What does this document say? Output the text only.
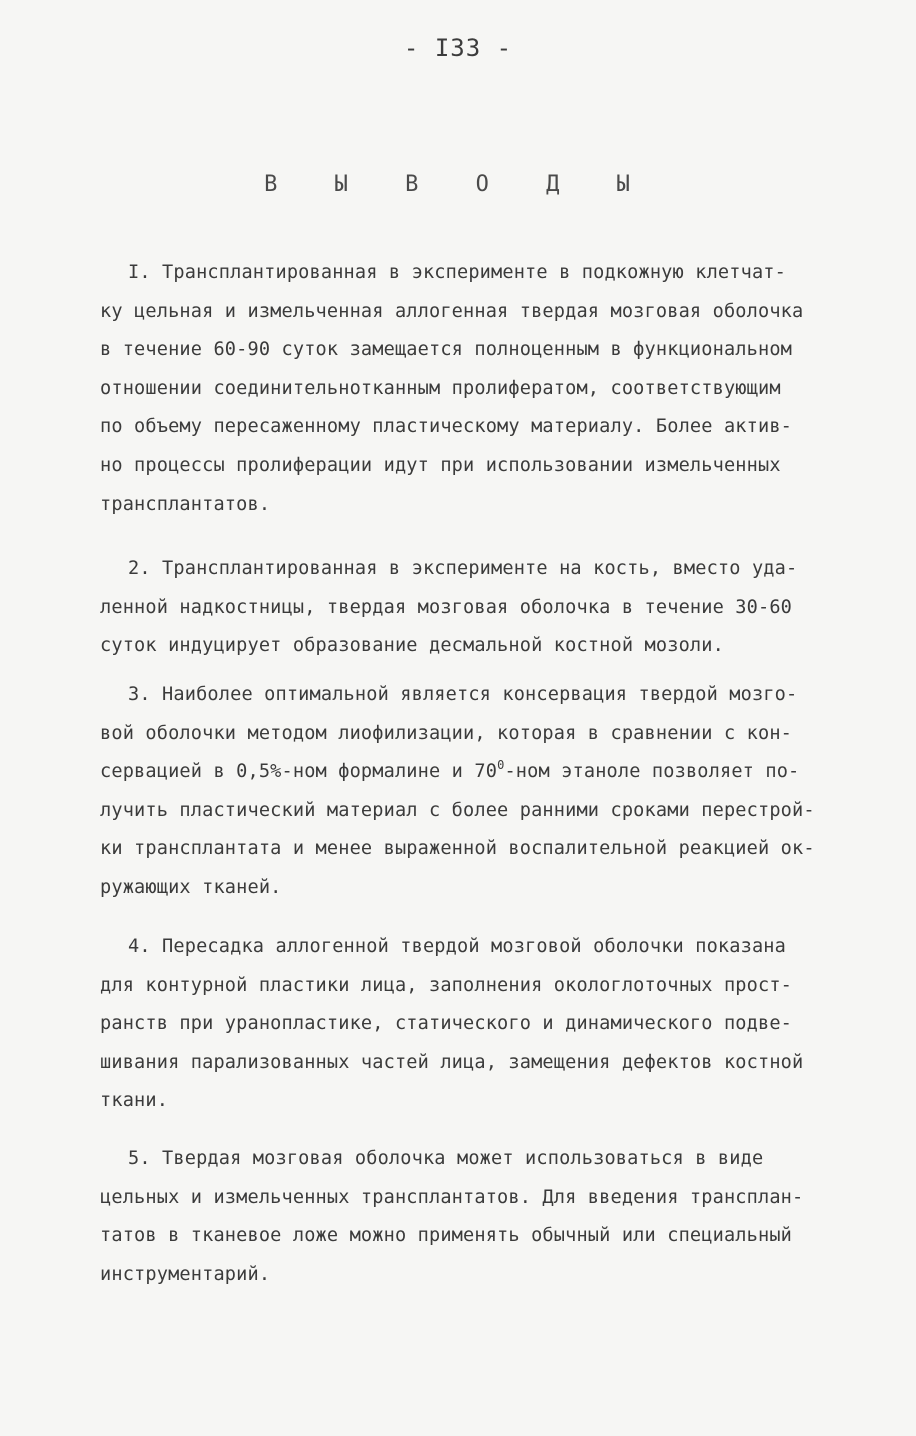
- I33 -
В Ы В О Д Ы
I. Трансплантированная в эксперименте в подкожную клетчат-
ку цельная и измельченная аллогенная твердая мозговая оболочка
в течение 60-90 суток замещается полноценным в функциональном
отношении соединительнотканным пролифератом, соответствующим
по объему пересаженному пластическому материалу. Более актив-
но процессы пролиферации идут при использовании измельченных
трансплантатов.
2. Трансплантированная в эксперименте на кость, вместо уда-
ленной надкостницы, твердая мозговая оболочка в течение 30-60
суток индуцирует образование десмальной костной мозоли.
3. Наиболее оптимальной является консервация твердой мозго-
вой оболочки методом лиофилизации, которая в сравнении с кон-
сервацией в 0,5%-ном формалине и $70^0$-ном этаноле позволяет по-
лучить пластический материал с более ранними сроками перестрой-
ки трансплантата и менее выраженной воспалительной реакцией ок-
ружающих тканей.
4. Пересадка аллогенной твердой мозговой оболочки показана
для контурной пластики лица, заполнения окологлоточных прост-
ранств при уранопластике, статического и динамического подве-
шивания парализованных частей лица, замещения дефектов костной
ткани.
5. Твердая мозговая оболочка может использоваться в виде
цельных и измельченных трансплантатов. Для введения трансплан-
татов в тканевое ложе можно применять обычный или специальный
инструментарий.
